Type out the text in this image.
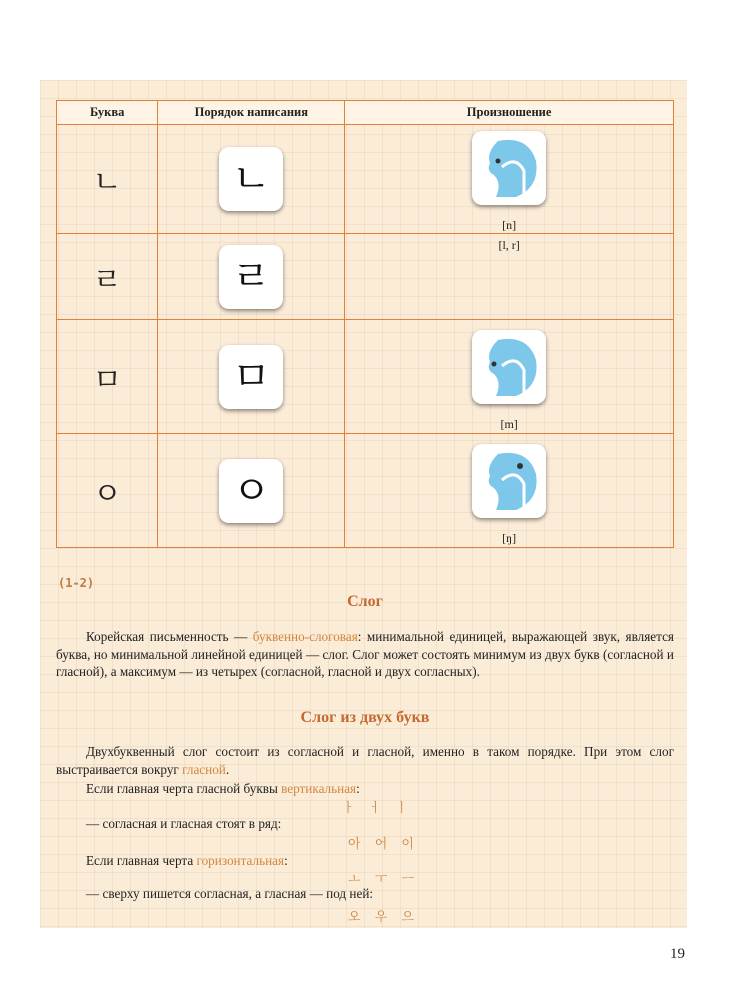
Буква	Порядок написания	Произношение
ㄴ	ㄴ	[n]

ㄹ	ㄹ	[l, r]

ㅁ	ㅁ	[m]

ㅇ	ㅇ	[ŋ]
(1-2)
Слог
Корейская письменность — буквенно-слоговая: минимальной единицей, выражающей звук, является буква, но минимальной линейной единицей — слог. Слог может состоять минимум из двух букв (согласной и гласной), а максимум — из четырех (согласной, гласной и двух согласных).
Слог из двух букв
Двухбуквенный слог состоит из согласной и гласной, именно в таком порядке. При этом слог выстраивается вокруг гласной.
Если главная черта гласной буквы вертикальная:
ㅏ ㅓ ㅣ
— согласная и гласная стоят в ряд:
아 어 이
Если главная черта горизонтальная:
ㅗ ㅜ ㅡ
— сверху пишется согласная, а гласная — под ней:
오 우 으
19
